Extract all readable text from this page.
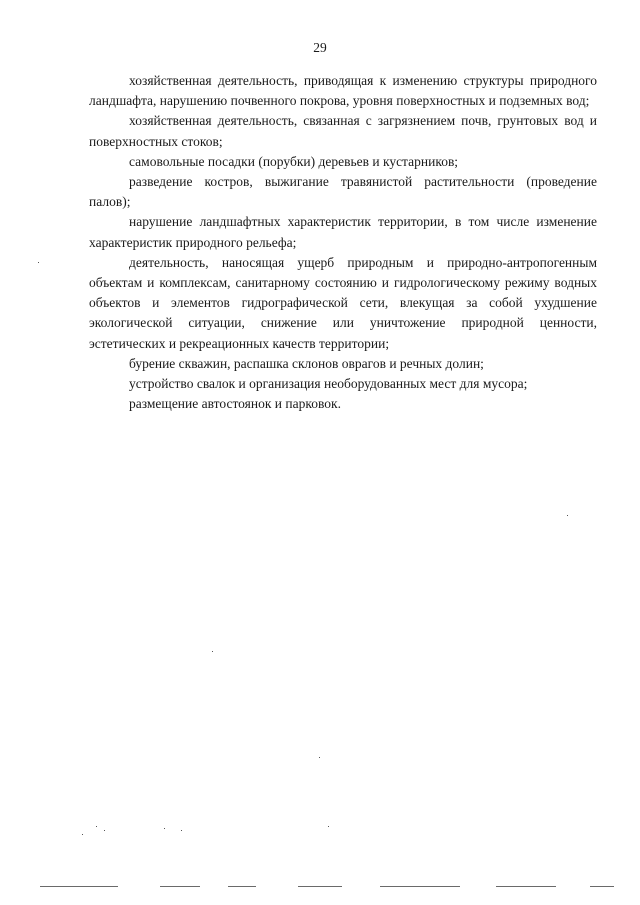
29

хозяйственная деятельность, приводящая к изменению структуры природного ландшафта, нарушению почвенного покрова, уровня поверхностных и подземных вод;

хозяйственная деятельность, связанная с загрязнением почв, грунтовых вод и поверхностных стоков;

самовольные посадки (порубки) деревьев и кустарников;

разведение костров, выжигание травянистой растительности (проведение палов);

нарушение ландшафтных характеристик территории, в том числе изменение характеристик природного рельефа;

деятельность, наносящая ущерб природным и природно-антропогенным объектам и комплексам, санитарному состоянию и гидрологическому режиму водных объектов и элементов гидрографической сети, влекущая за собой ухудшение экологической ситуации, снижение или уничтожение природной ценности, эстетических и рекреационных качеств территории;

бурение скважин, распашка склонов оврагов и речных долин;

устройство свалок и организация необорудованных мест для мусора;

размещение автостоянок и парковок.
